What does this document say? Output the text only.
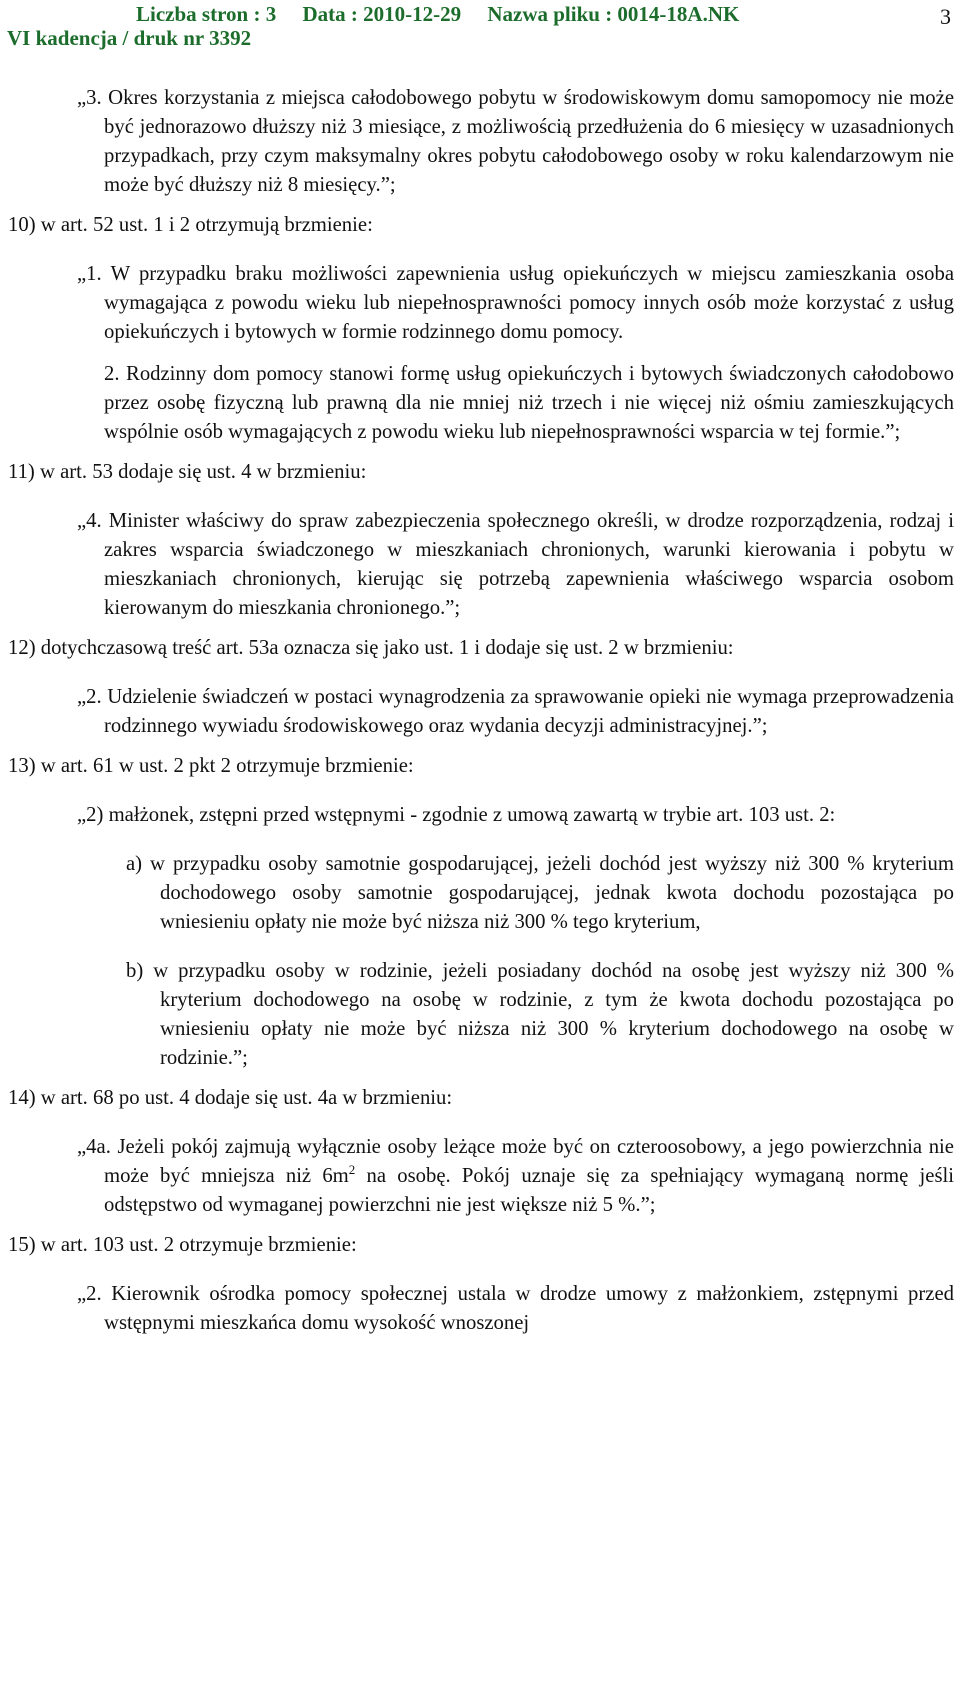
Liczba stron : 3     Data : 2010-12-29     Nazwa pliku : 0014-18A.NK
VI kadencja / druk nr 3392
3
„3. Okres korzystania z miejsca całodobowego pobytu w środowiskowym domu samopomocy nie może być jednorazowo dłuższy niż 3 miesiące, z możliwością przedłużenia do 6 miesięcy w uzasadnionych przypadkach, przy czym maksymalny okres pobytu całodobowego osoby w roku kalendarzowym nie może być dłuższy niż 8 miesięcy.”;
10) w art. 52 ust. 1 i 2 otrzymują brzmienie:
„1. W przypadku braku możliwości zapewnienia usług opiekuńczych w miejscu zamieszkania osoba wymagająca z powodu wieku lub niepełnosprawności pomocy innych osób może korzystać z usług opiekuńczych i bytowych w formie rodzinnego domu pomocy.
2. Rodzinny dom pomocy stanowi formę usług opiekuńczych i bytowych świadczonych całodobowo przez osobę fizyczną lub prawną dla nie mniej niż trzech i nie więcej niż ośmiu zamieszkujących wspólnie osób wymagających z powodu wieku lub niepełnosprawności wsparcia w tej formie.”;
11) w art. 53 dodaje się ust. 4 w brzmieniu:
„4. Minister właściwy do spraw zabezpieczenia społecznego określi, w drodze rozporządzenia, rodzaj i zakres wsparcia świadczonego w mieszkaniach chronionych, warunki kierowania i pobytu w mieszkaniach chronionych, kierując się potrzebą zapewnienia właściwego wsparcia osobom kierowanym do mieszkania chronionego.”;
12) dotychczasową treść art. 53a oznacza się jako ust. 1 i dodaje się ust. 2 w brzmieniu:
„2. Udzielenie świadczeń w postaci wynagrodzenia za sprawowanie opieki nie wymaga przeprowadzenia rodzinnego wywiadu środowiskowego oraz wydania decyzji administracyjnej.”;
13) w art. 61 w ust. 2 pkt 2 otrzymuje brzmienie:
„2) małżonek, zstępni przed wstępnymi - zgodnie z umową zawartą w trybie art. 103 ust. 2:
a) w przypadku osoby samotnie gospodarującej, jeżeli dochód jest wyższy niż 300 % kryterium dochodowego osoby samotnie gospodarującej, jednak kwota dochodu pozostająca po wniesieniu opłaty nie może być niższa niż 300 % tego kryterium,
b) w przypadku osoby w rodzinie, jeżeli posiadany dochód na osobę jest wyższy niż 300 % kryterium dochodowego na osobę w rodzinie, z tym że kwota dochodu pozostająca po wniesieniu opłaty nie może być niższa niż 300 % kryterium dochodowego na osobę w rodzinie.”;
14) w art. 68 po ust. 4 dodaje się ust. 4a w brzmieniu:
„4a. Jeżeli pokój zajmują wyłącznie osoby leżące może być on czteroosobowy, a jego powierzchnia nie może być mniejsza niż $6m^2$ na osobę. Pokój uznaje się za spełniający wymaganą normę jeśli odstępstwo od wymaganej powierzchni nie jest większe niż 5 %.”;
15) w art. 103 ust. 2 otrzymuje brzmienie:
„2. Kierownik ośrodka pomocy społecznej ustala w drodze umowy z małżonkiem, zstępnymi przed wstępnymi mieszkańca domu wysokość wnoszonej
